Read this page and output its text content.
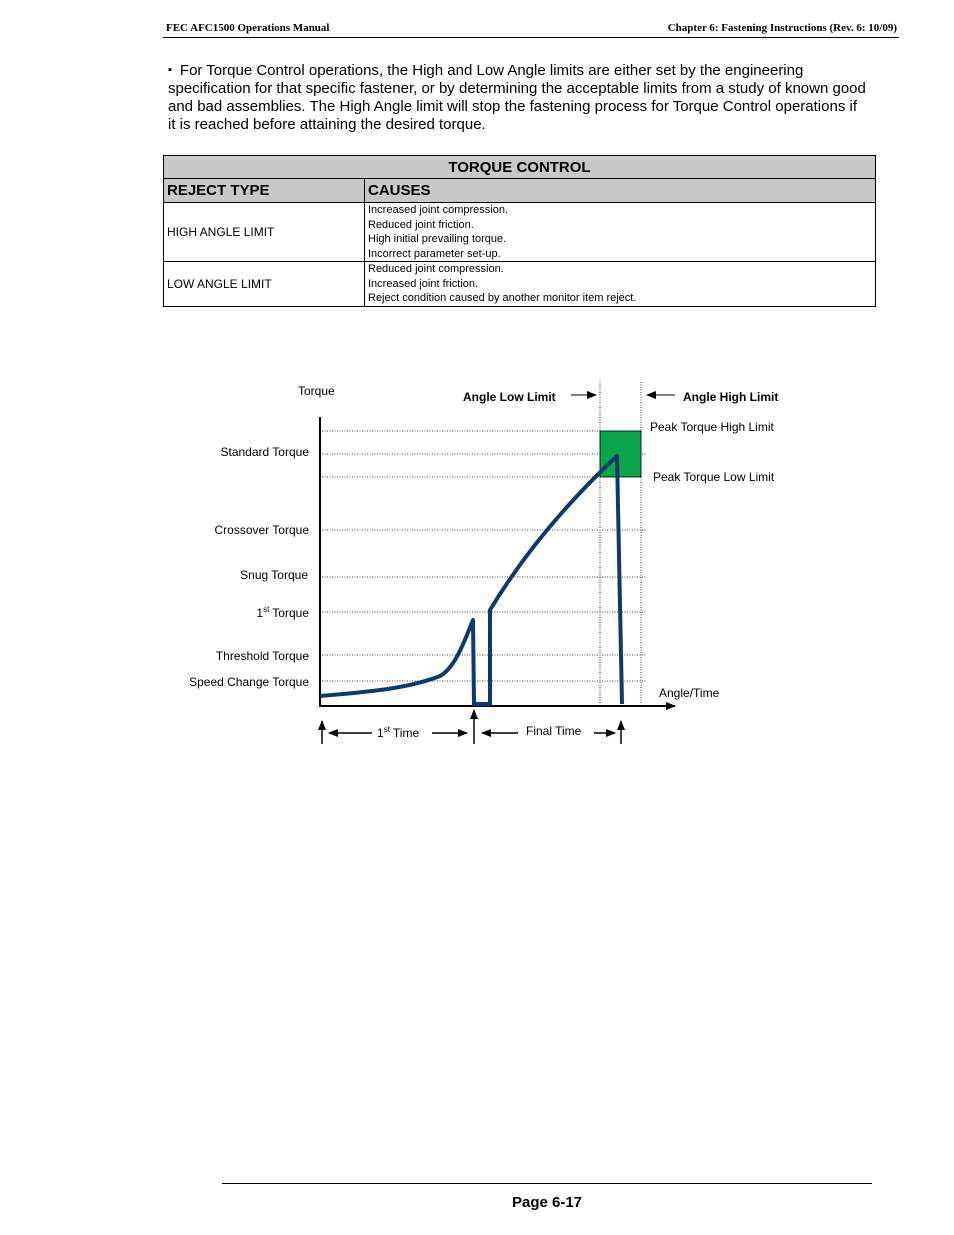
FEC AFC1500 Operations Manual	Chapter 6: Fastening Instructions (Rev. 6: 10/09)
▪ For Torque Control operations, the High and Low Angle limits are either set by the engineering specification for that specific fastener, or by determining the acceptable limits from a study of known good and bad assemblies. The High Angle limit will stop the fastening process for Torque Control operations if it is reached before attaining the desired torque.
TORQUE CONTROL	
REJECT TYPE	CAUSES
HIGH ANGLE LIMIT	Increased joint compression.
Reduced joint friction.
High initial prevailing torque.
Incorrect parameter set-up.

LOW ANGLE LIMIT	Reduced joint compression.
Increased joint friction.
Reject condition caused by another monitor item reject.
Torque
Angle/Time
Standard Torque
Crossover Torque
Snug Torque
1st Torque
Threshold Torque
Speed Change Torque
Angle Low Limit	Angle High Limit
Peak Torque High Limit
Peak Torque Low Limit
1st Time	Final Time
Page 6-17
